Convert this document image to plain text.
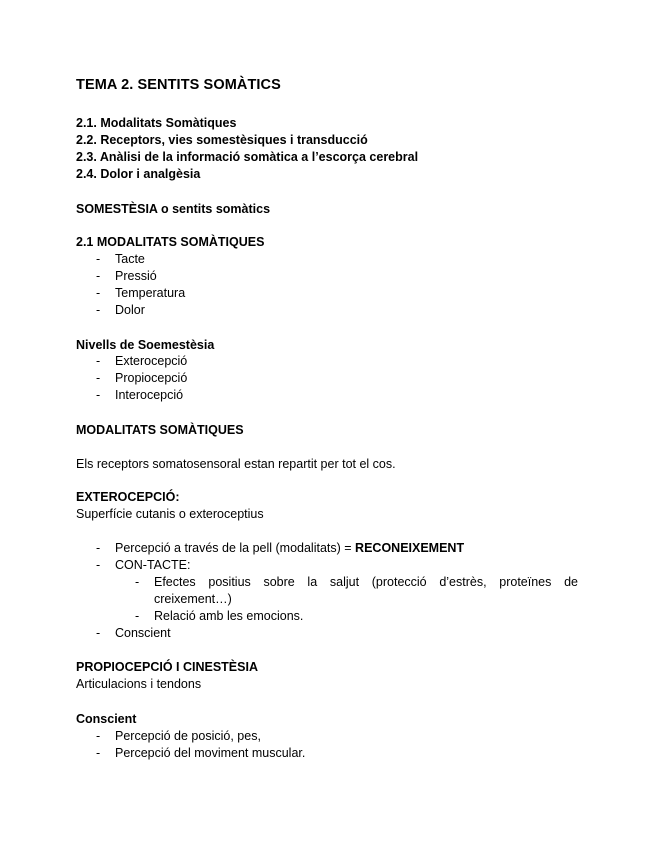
TEMA 2. SENTITS SOMÀTICS
2.1. Modalitats Somàtiques
2.2. Receptors, vies somestèsiques i transducció
2.3. Anàlisi de la informació somàtica a l’escorça cerebral
2.4. Dolor i analgèsia
SOMESTÈSIA o sentits somàtics
2.1 MODALITATS SOMÀTIQUES
- Tacte
- Pressió
- Temperatura
- Dolor
Nivells de Soemestèsia
- Exterocepció
- Propiocepció
- Interocepció
MODALITATS SOMÀTIQUES
Els receptors somatosensoral estan repartit per tot el cos.
EXTEROCEPCIÓ:
Superfície cutanis o exteroceptius
- Percepció a través de la pell (modalitats) = RECONEIXEMENT
- CON-TACTE:
- Efectes positius sobre la saljut (protecció d’estrès, proteïnes de
creixement…)
- Relació amb les emocions.
- Conscient
PROPIOCEPCIÓ I CINESTÈSIA
Articulacions i tendons
Conscient
- Percepció de posició, pes,
- Percepció del moviment muscular.
